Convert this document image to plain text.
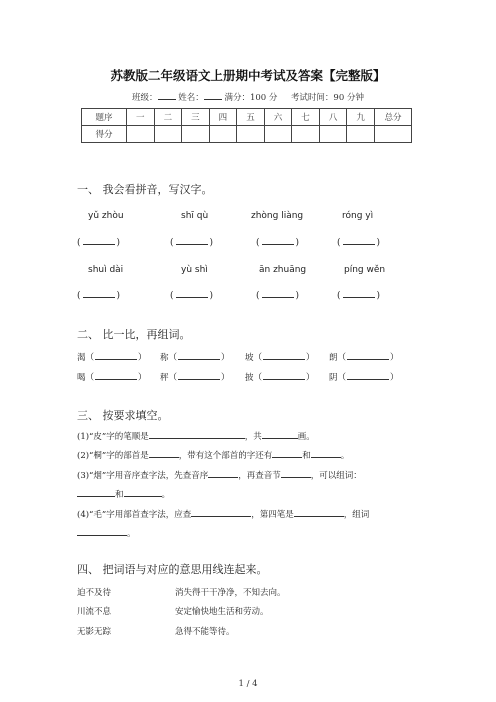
苏教版二年级语文上册期中考试及答案【完整版】
班级： 姓名： 满分：100 分 考试时间：90 分钟
题序	一	二	三	四	五	六	七	八	九	总分
得分										
一、 我会看拼音，写汉字。
yǔ zhòu	shī qù	zhòng liàng	róng yì
(	)	(	)	(	)	(	)
shuì dài	yù shì	ān zhuāng	píng wěn
(	)	(	)	(	)	(	)
二、 比一比，再组词。
渴（	） 称（	） 坡（	） 朗（	）
喝（	） 秤（	） 披（	） 阴（	）
三、 按要求填空。
(1)“皮”字的笔顺是	，共	画。
(2)“桐”字的部首是	，带有这个部首的字还有	和	。
(3)“烟”字用音序查字法，先查音序	，再查音节	，可以组词：
和	。
(4)“毛”字用部首查字法，应查	，第四笔是	，组词
。
四、 把词语与对应的意思用线连起来。
迫不及待	消失得干干净净，不知去向。
川流不息	安定愉快地生活和劳动。
无影无踪	急得不能等待。
1 / 4
